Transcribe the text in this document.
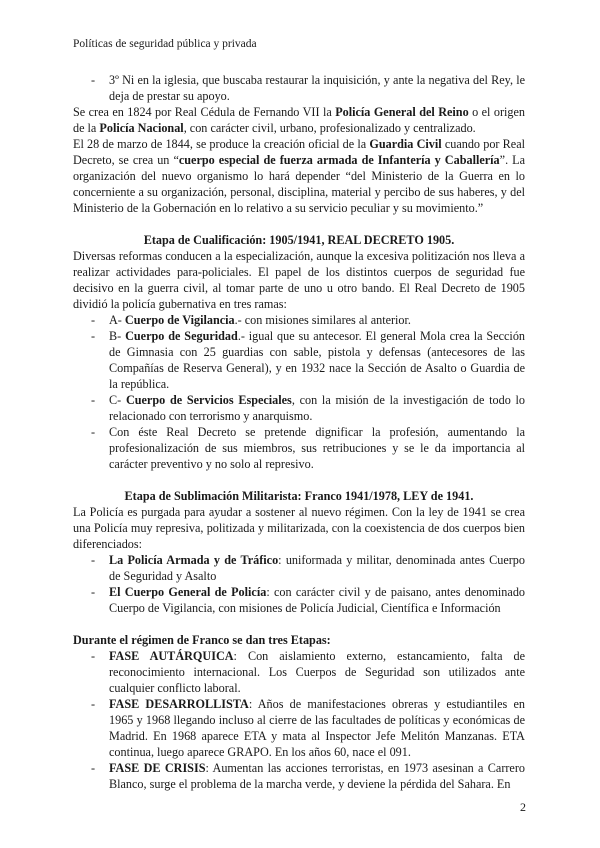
Políticas de seguridad pública y privada
- 3º Ni en la iglesia, que buscaba restaurar la inquisición, y ante la negativa del Rey, le deja de prestar su apoyo.

Se crea en 1824 por Real Cédula de Fernando VII la Policía General del Reino o el origen de la Policía Nacional, con carácter civil, urbano, profesionalizado y centralizado.

El 28 de marzo de 1844, se produce la creación oficial de la Guardia Civil cuando por Real Decreto, se crea un “cuerpo especial de fuerza armada de Infantería y Caballería”. La organización del nuevo organismo lo hará depender “del Ministerio de la Guerra en lo concerniente a su organización, personal, disciplina, material y percibo de sus haberes, y del Ministerio de la Gobernación en lo relativo a su servicio peculiar y su movimiento.”

Etapa de Cualificación: 1905/1941, REAL DECRETO 1905.

Diversas reformas conducen a la especialización, aunque la excesiva politización nos lleva a realizar actividades para-policiales. El papel de los distintos cuerpos de seguridad fue decisivo en la guerra civil, al tomar parte de uno u otro bando. El Real Decreto de 1905 dividió la policía gubernativa en tres ramas:

- A- Cuerpo de Vigilancia.- con misiones similares al anterior.
- B- Cuerpo de Seguridad.- igual que su antecesor. El general Mola crea la Sección de Gimnasia con 25 guardias con sable, pistola y defensas (antecesores de las Compañías de Reserva General), y en 1932 nace la Sección de Asalto o Guardia de la república.
- C- Cuerpo de Servicios Especiales, con la misión de la investigación de todo lo relacionado con terrorismo y anarquismo.
- Con éste Real Decreto se pretende dignificar la profesión, aumentando la profesionalización de sus miembros, sus retribuciones y se le da importancia al carácter preventivo y no solo al represivo.

Etapa de Sublimación Militarista: Franco 1941/1978, LEY de 1941.

La Policía es purgada para ayudar a sostener al nuevo régimen. Con la ley de 1941 se crea una Policía muy represiva, politizada y militarizada, con la coexistencia de dos cuerpos bien diferenciados:

- La Policía Armada y de Tráfico: uniformada y militar, denominada antes Cuerpo de Seguridad y Asalto
- El Cuerpo General de Policía: con carácter civil y de paisano, antes denominado Cuerpo de Vigilancia, con misiones de Policía Judicial, Científica e Información

Durante el régimen de Franco se dan tres Etapas:

- FASE AUTÁRQUICA: Con aislamiento externo, estancamiento, falta de reconocimiento internacional. Los Cuerpos de Seguridad son utilizados ante cualquier conflicto laboral.
- FASE DESARROLLISTA: Años de manifestaciones obreras y estudiantiles en 1965 y 1968 llegando incluso al cierre de las facultades de políticas y económicas de Madrid. En 1968 aparece ETA y mata al Inspector Jefe Melitón Manzanas. ETA continua, luego aparece GRAPO. En los años 60, nace el 091.
- FASE DE CRISIS: Aumentan las acciones terroristas, en 1973 asesinan a Carrero Blanco, surge el problema de la marcha verde, y deviene la pérdida del Sahara. En
2
